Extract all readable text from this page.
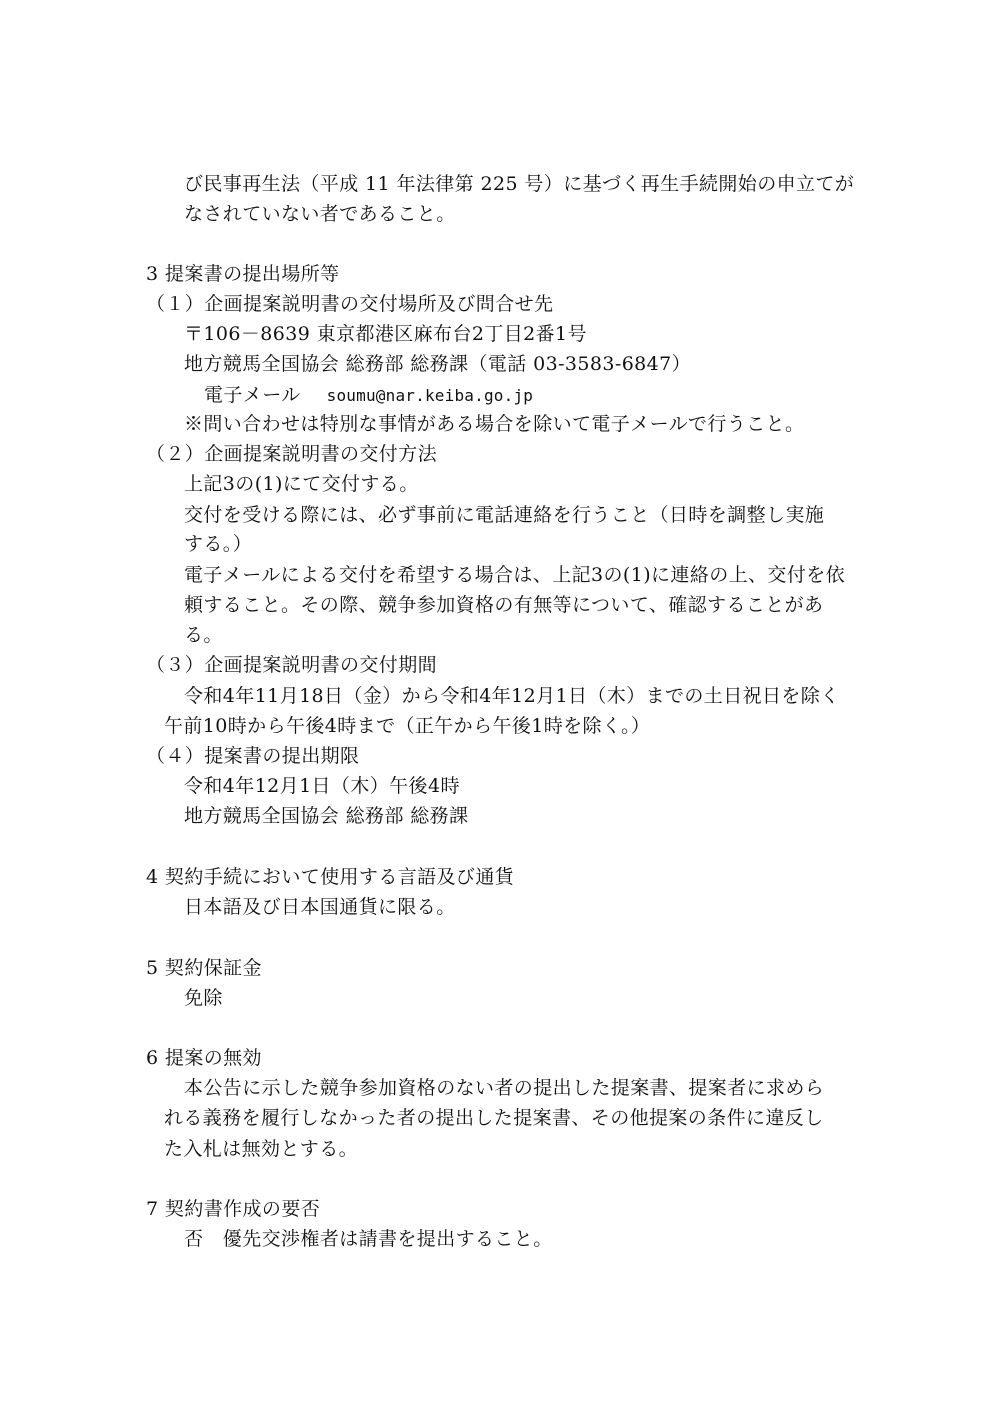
び民事再生法（平成 11 年法律第 225 号）に基づく再生手続開始の申立てが
なされていない者であること。
3 提案書の提出場所等
（１）企画提案説明書の交付場所及び問合せ先
〒106－8639 東京都港区麻布台2丁目2番1号
地方競馬全国協会 総務部 総務課（電話 03-3583-6847）
電子メール soumu@nar.keiba.go.jp
※問い合わせは特別な事情がある場合を除いて電子メールで行うこと。
（２）企画提案説明書の交付方法
上記3の(1)にて交付する。
交付を受ける際には、必ず事前に電話連絡を行うこと（日時を調整し実施
する。）
電子メールによる交付を希望する場合は、上記3の(1)に連絡の上、交付を依
頼すること。その際、競争参加資格の有無等について、確認することがあ
る。
（３）企画提案説明書の交付期間
令和4年11月18日（金）から令和4年12月1日（木）までの土日祝日を除く
午前10時から午後4時まで（正午から午後1時を除く。）
（４）提案書の提出期限
令和4年12月1日（木）午後4時
地方競馬全国協会 総務部 総務課
4 契約手続において使用する言語及び通貨
日本語及び日本国通貨に限る。
5 契約保証金
免除
6 提案の無効
本公告に示した競争参加資格のない者の提出した提案書、提案者に求めら
れる義務を履行しなかった者の提出した提案書、その他提案の条件に違反し
た入札は無効とする。
7 契約書作成の要否
否　優先交渉権者は請書を提出すること。
